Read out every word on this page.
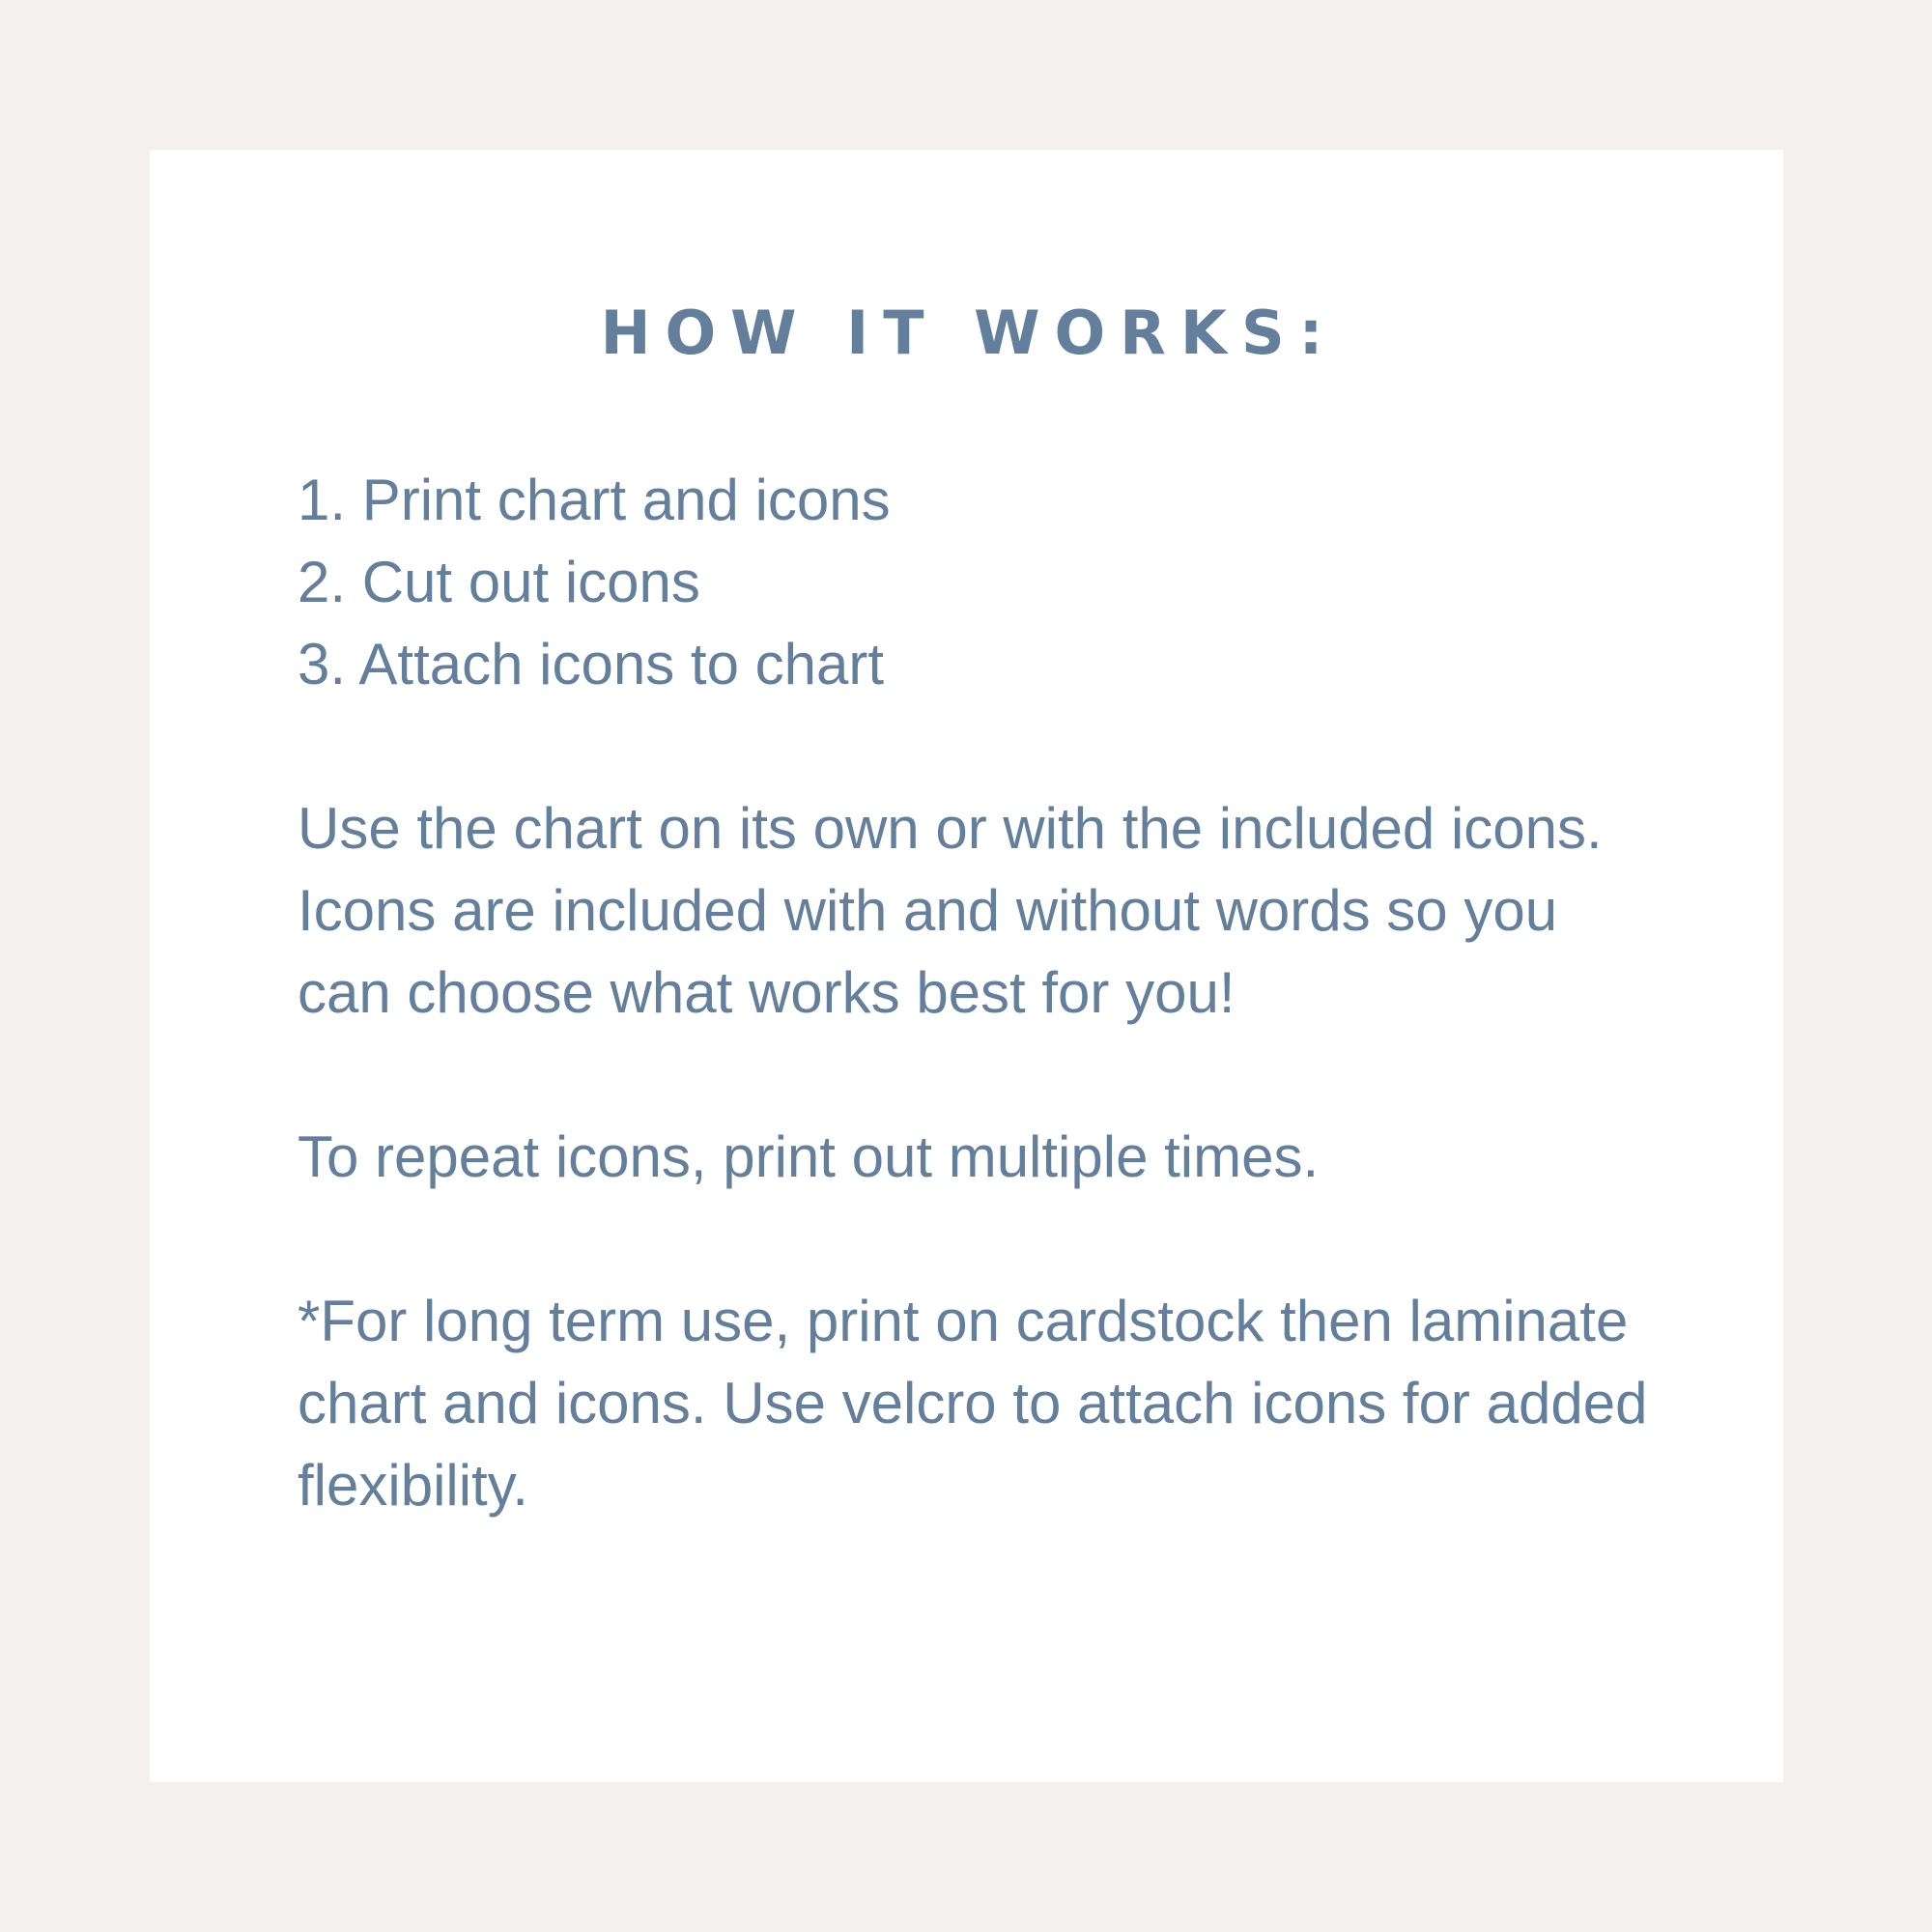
HOW IT WORKS:
1. Print chart and icons
2. Cut out icons
3. Attach icons to chart

Use the chart on its own or with the included icons. Icons are included with and without words so you can choose what works best for you!

To repeat icons, print out multiple times.

*For long term use, print on cardstock then laminate chart and icons. Use velcro to attach icons for added flexibility.
